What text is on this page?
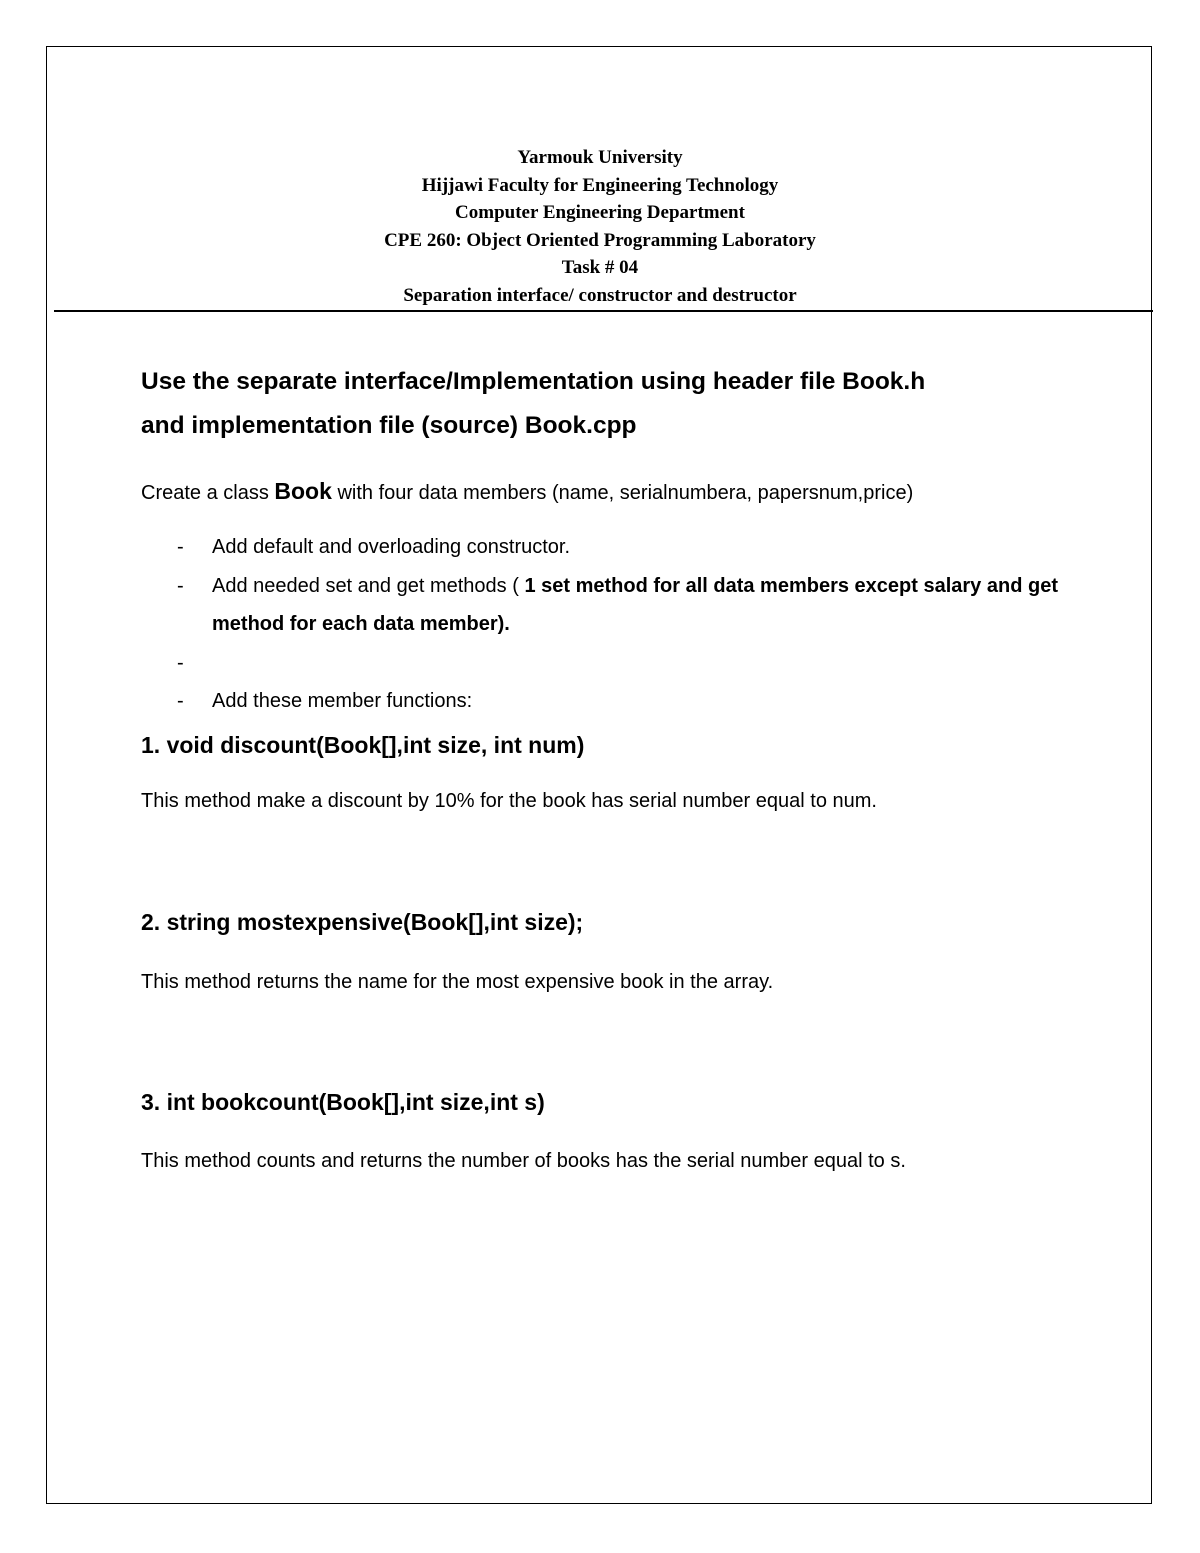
Yarmouk University
Hijjawi Faculty for Engineering Technology
Computer Engineering Department
CPE 260: Object Oriented Programming Laboratory
Task # 04
Separation interface/ constructor and destructor

Use the separate interface/Implementation using header file Book.h
and implementation file (source) Book.cpp

Create a class Book with four data members (name, serialnumbera, papersnum,price)

- Add default and overloading constructor.
- Add needed set and get methods ( 1 set method for all data members except salary and get method for each data member).
-

- Add these member functions:

1. void discount(Book[],int size, int num)

This method make a discount by 10% for the book has serial number equal to num.

2. string mostexpensive(Book[],int size);

This method returns the name for the most expensive book in the array.

3. int bookcount(Book[],int size,int s)

This method counts and returns the number of books has the serial number equal to s.
